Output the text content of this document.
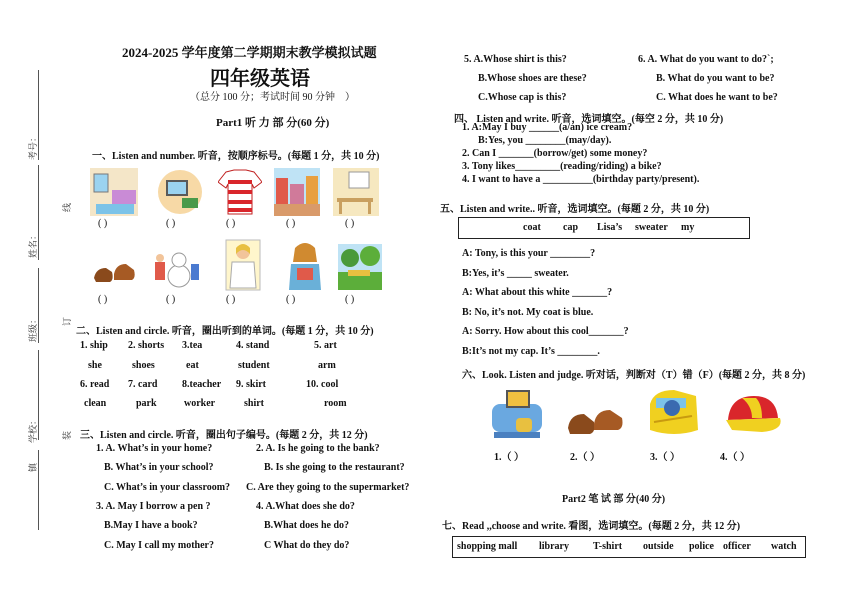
考号：
姓名：
班级：
学校：
镇
线
订
装
2024-2025 学年度第二学期期末教学模拟试题
四年级英语
（总分 100 分；考试时间 90 分钟　）
Part1 听 力 部 分(60 分)
一、Listen and number. 听音，按顺序标号。(每题 1 分，共 10 分)
( )	( )	( )	( )	( )
( )	( )	( )	( )	( )
二、Listen and circle. 听音，圈出听到的单词。(每题 1 分，共 10 分)
1. ship 2. shorts 3.tea	4. stand	5. art
she	shoes	eat	student	arm
6. read 7. card 8.teacher 9. skirt	10. cool
clean	park	worker	shirt	room
三、Listen and circle. 听音，圈出句子编号。(每题 2 分，共 12 分)
1. A. What’s in your home?	2. A. Is he going to the bank?
B. What’s in your school?	B. Is she going to the restaurant?
C. What’s in your classroom? C. Are they going to the supermarket?
3. A. May I borrow a pen ?	4. A.What does she do?
B.May I have a book?	B.What does he do?
C. May I call my mother?	C What do they do?
5. A.Whose shirt is this?
B.Whose shoes are these?
C.Whose cap is this?
6. A. What do you want to do?`;
B. What do you want to be?
C. What does he want to be?
四、 Listen and write. 听音，选词填空。(每空 2 分，共 10 分)
1. A:May I buy ______(a/an) ice cream?
B:Yes, you ________(may/day).
2. Can I _______(borrow/get) some money?
3. Tony likes_________(reading/riding) a bike?
4. I want to have a __________(birthday party/present).
五、Listen and write.. 听音，选词填空。(每题 2 分，共 10 分)
coat cap Lisa’s sweater my
A: Tony, is this your ________?
B:Yes, it’s _____ sweater.
A: What about this white _______?
B: No, it’s not. My coat is blue.
A: Sorry. How about this cool_______?
B:It’s not my cap. It’s ________.
六、Look. Listen and judge. 听对话，判断对（T）错（F）(每题 2 分，共 8 分)
1.（ ）	2.（ ）	3.（ ）	4.（ ）
Part2 笔 试 部 分(40 分)
七、Read ,,choose and write. 看图，选词填空。(每题 2 分，共 12 分)
shopping mall library T-shirt outside police officer watch
